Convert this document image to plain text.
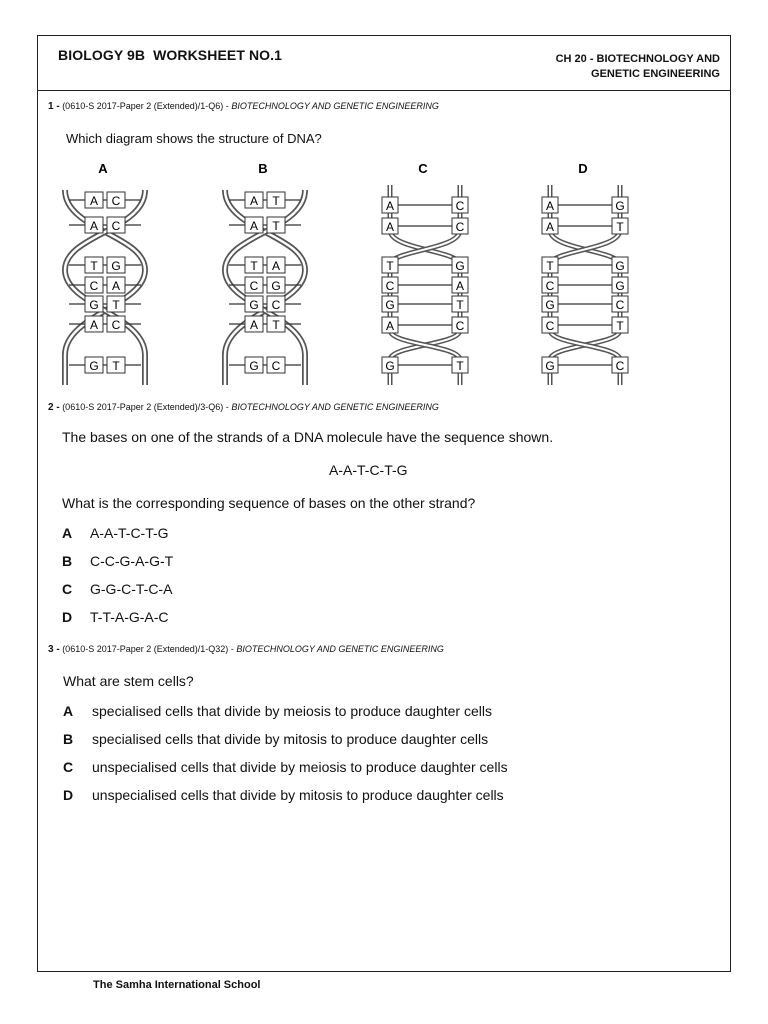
BIOLOGY 9B  WORKSHEET NO.1	CH 20 - BIOTECHNOLOGY AND
GENETIC ENGINEERING
1 - (0610-S 2017-Paper 2 (Extended)/1-Q6) - BIOTECHNOLOGY AND GENETIC ENGINEERING
Which diagram shows the structure of DNA?
A
A C
A C
T G
C A
G T
A C
G T
B
A T
A T
T A
C G
G C
A T
G C
C
A	C
A	C
T	G
C	A
G	T
A	C
G	T
D
A	G
A	T
T	G
C	G
G	C
C	T
G	C
2 - (0610-S 2017-Paper 2 (Extended)/3-Q6) - BIOTECHNOLOGY AND GENETIC ENGINEERING
The bases on one of the strands of a DNA molecule have the sequence shown.
A-A-T-C-T-G
What is the corresponding sequence of bases on the other strand?
A A-A-T-C-T-G
B C-C-G-A-G-T
C G-G-C-T-C-A
D T-T-A-G-A-C
3 - (0610-S 2017-Paper 2 (Extended)/1-Q32) - BIOTECHNOLOGY AND GENETIC ENGINEERING
What are stem cells?
A specialised cells that divide by meiosis to produce daughter cells
B specialised cells that divide by mitosis to produce daughter cells
C unspecialised cells that divide by meiosis to produce daughter cells
D unspecialised cells that divide by mitosis to produce daughter cells
The Samha International School
